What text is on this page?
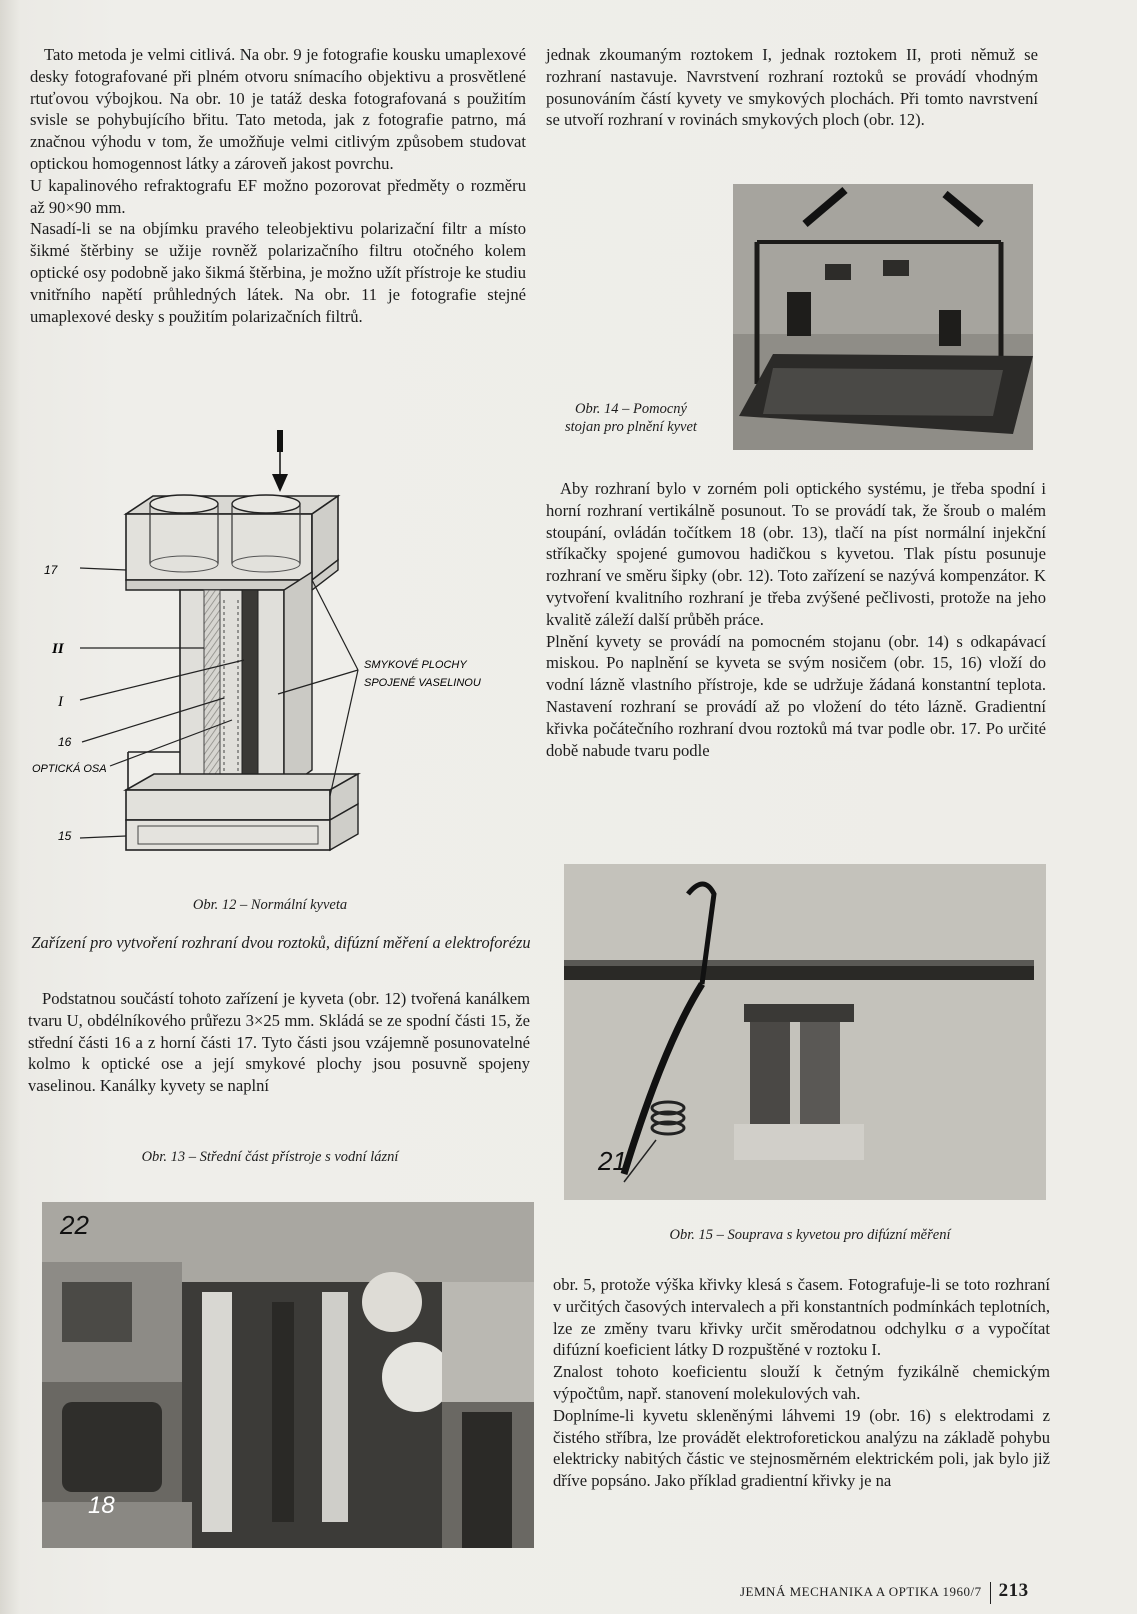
Tato metoda je velmi citlivá. Na obr. 9 je fotografie kousku umaplexové desky fotografované při plném otvoru snímacího objektivu a prosvětlené rtuťovou výbojkou. Na obr. 10 je tatáž deska fotografovaná s použitím svisle se pohybujícího břitu. Tato metoda, jak z fotografie patrno, má značnou výhodu v tom, že umožňuje velmi citlivým způsobem studovat optickou homogennost látky a zároveň jakost povrchu.

U kapalinového refraktografu EF možno pozorovat předměty o rozměru až 90×90 mm.

Nasadí-li se na objímku pravého teleobjektivu polarizační filtr a místo šikmé štěrbiny se užije rovněž polarizačního filtru otočného kolem optické osy podobně jako šikmá štěrbina, je možno užít přístroje ke studiu vnitřního napětí průhledných látek. Na obr. 11 je fotografie stejné umaplexové desky s použitím polarizačních filtrů.

17
II
I
16
OPTICKÁ OSA
15
SMYKOVÉ PLOCHY
SPOJENÉ VASELINOU
Obr. 12 – Normální kyveta
Zařízení pro vytvoření rozhraní dvou roztoků, difúzní měření a elektroforézu

Podstatnou součástí tohoto zařízení je kyveta (obr. 12) tvořená kanálkem tvaru U, obdélníkového průřezu 3×25 mm. Skládá se ze spodní části 15, že střední části 16 a z horní části 17. Tyto části jsou vzájemně posunovatelné kolmo k optické ose a její smykové plochy jsou posuvně spojeny vaselinou. Kanálky kyvety se naplní

Obr. 13 – Střední část přístroje s vodní lázní
22
18

jednak zkoumaným roztokem I, jednak roztokem II, proti němuž se rozhraní nastavuje. Navrstvení rozhraní roztoků se provádí vhodným posunováním částí kyvety ve smykových plochách. Při tomto navrstvení se utvoří rozhraní v rovinách smykových ploch (obr. 12).

Obr. 14 – Pomocný stojan pro plnění kyvet

Aby rozhraní bylo v zorném poli optického systému, je třeba spodní i horní rozhraní vertikálně posunout. To se provádí tak, že šroub o malém stoupání, ovládán točítkem 18 (obr. 13), tlačí na píst normální injekční stříkačky spojené gumovou hadičkou s kyvetou. Tlak pístu posunuje rozhraní ve směru šipky (obr. 12). Toto zařízení se nazývá kompenzátor. K vytvoření kvalitního rozhraní je třeba zvýšené pečlivosti, protože na jeho kvalitě záleží další průběh práce.

Plnění kyvety se provádí na pomocném stojanu (obr. 14) s odkapávací miskou. Po naplnění se kyveta se svým nosičem (obr. 15, 16) vloží do vodní lázně vlastního přístroje, kde se udržuje žádaná konstantní teplota. Nastavení rozhraní se provádí až po vložení do této lázně. Gradientní křivka počátečního rozhraní dvou roztoků má tvar podle obr. 17. Po určité době nabude tvaru podle

21
Obr. 15 – Souprava s kyvetou pro difúzní měření

obr. 5, protože výška křivky klesá s časem. Fotografuje-li se toto rozhraní v určitých časových intervalech a při konstantních podmínkách teplotních, lze ze změny tvaru křivky určit směrodatnou odchylku σ a vypočítat difúzní koeficient látky D rozpuštěné v roztoku I.

Znalost tohoto koeficientu slouží k četným fyzikálně chemickým výpočtům, např. stanovení molekulových vah.

Doplníme-li kyvetu skleněnými láhvemi 19 (obr. 16) s elektrodami z čistého stříbra, lze provádět elektroforetickou analýzu na základě pohybu elektricky nabitých částic ve stejnosměrném elektrickém poli, jak bylo již dříve popsáno. Jako příklad gradientní křivky je na

JEMNÁ MECHANIKA A OPTIKA 1960/7 213
